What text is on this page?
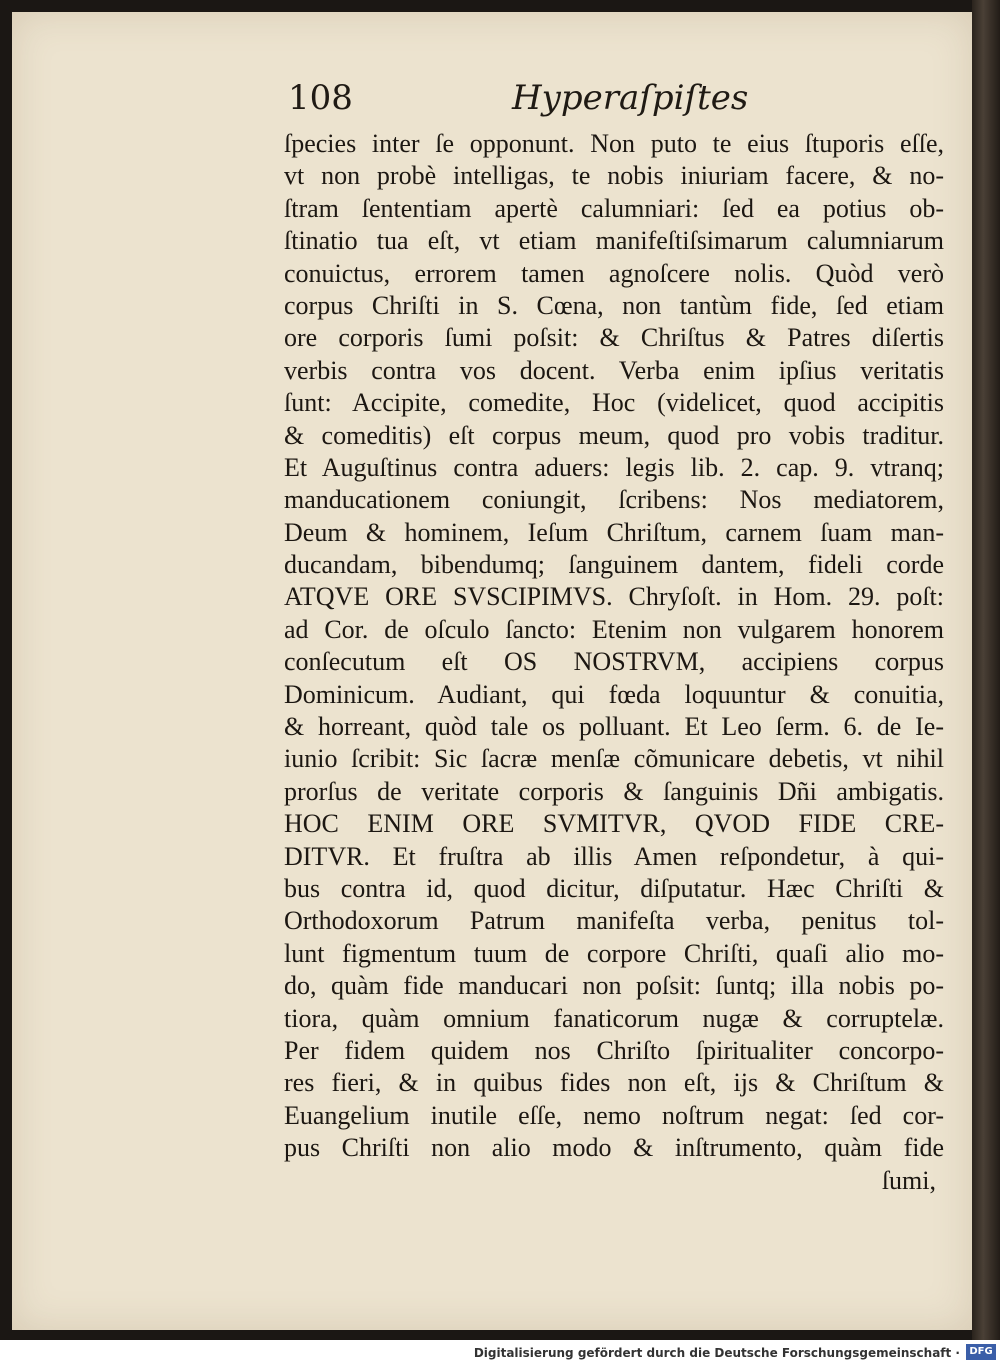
108	Hyperaſpiſtes
ſpecies inter ſe opponunt. Non puto te eius ſtuporis eſſe,
vt non probè intelligas, te nobis iniuriam facere, & no-
ſtram ſententiam apertè calumniari: ſed ea potius ob-
ſtinatio tua eſt, vt etiam manifeſtiſsimarum calumniarum
conuictus, errorem tamen agnoſcere nolis. Quòd verò
corpus Chriſti in S. Cœna, non tantùm fide, ſed etiam
ore corporis ſumi poſsit: & Chriſtus & Patres diſertis
verbis contra vos docent. Verba enim ipſius veritatis
ſunt: Accipite, comedite, Hoc (videlicet, quod accipitis
& comeditis) eſt corpus meum, quod pro vobis traditur.
Et Auguſtinus contra aduers: legis lib. 2. cap. 9. vtranq;
manducationem coniungit, ſcribens: Nos mediatorem,
Deum & hominem, Ieſum Chriſtum, carnem ſuam man-
ducandam, bibendumq; ſanguinem dantem, fideli corde
ATQVE ORE SVSCIPIMVS. Chryſoſt. in Hom. 29. poſt:
ad Cor. de oſculo ſancto: Etenim non vulgarem honorem
conſecutum eſt OS NOSTRVM, accipiens corpus
Dominicum. Audiant, qui fœda loquuntur & conuitia,
& horreant, quòd tale os polluant. Et Leo ſerm. 6. de Ie-
iunio ſcribit: Sic ſacræ menſæ cõmunicare debetis, vt nihil
prorſus de veritate corporis & ſanguinis Dñi ambigatis.
HOC ENIM ORE SVMITVR, QVOD FIDE CRE-
DITVR. Et fruſtra ab illis Amen reſpondetur, à qui-
bus contra id, quod dicitur, diſputatur. Hæc Chriſti &
Orthodoxorum Patrum manifeſta verba, penitus tol-
lunt figmentum tuum de corpore Chriſti, quaſi alio mo-
do, quàm fide manducari non poſsit: ſuntq; illa nobis po-
tiora, quàm omnium fanaticorum nugæ & corruptelæ.
Per fidem quidem nos Chriſto ſpiritualiter concorpo-
res fieri, & in quibus fides non eſt, ijs & Chriſtum &
Euangelium inutile eſſe, nemo noſtrum negat: ſed cor-
pus Chriſti non alio modo & inſtrumento, quàm fide
ſumi,
Digitalisierung gefördert durch die Deutsche Forschungsgemeinschaft · DFG
